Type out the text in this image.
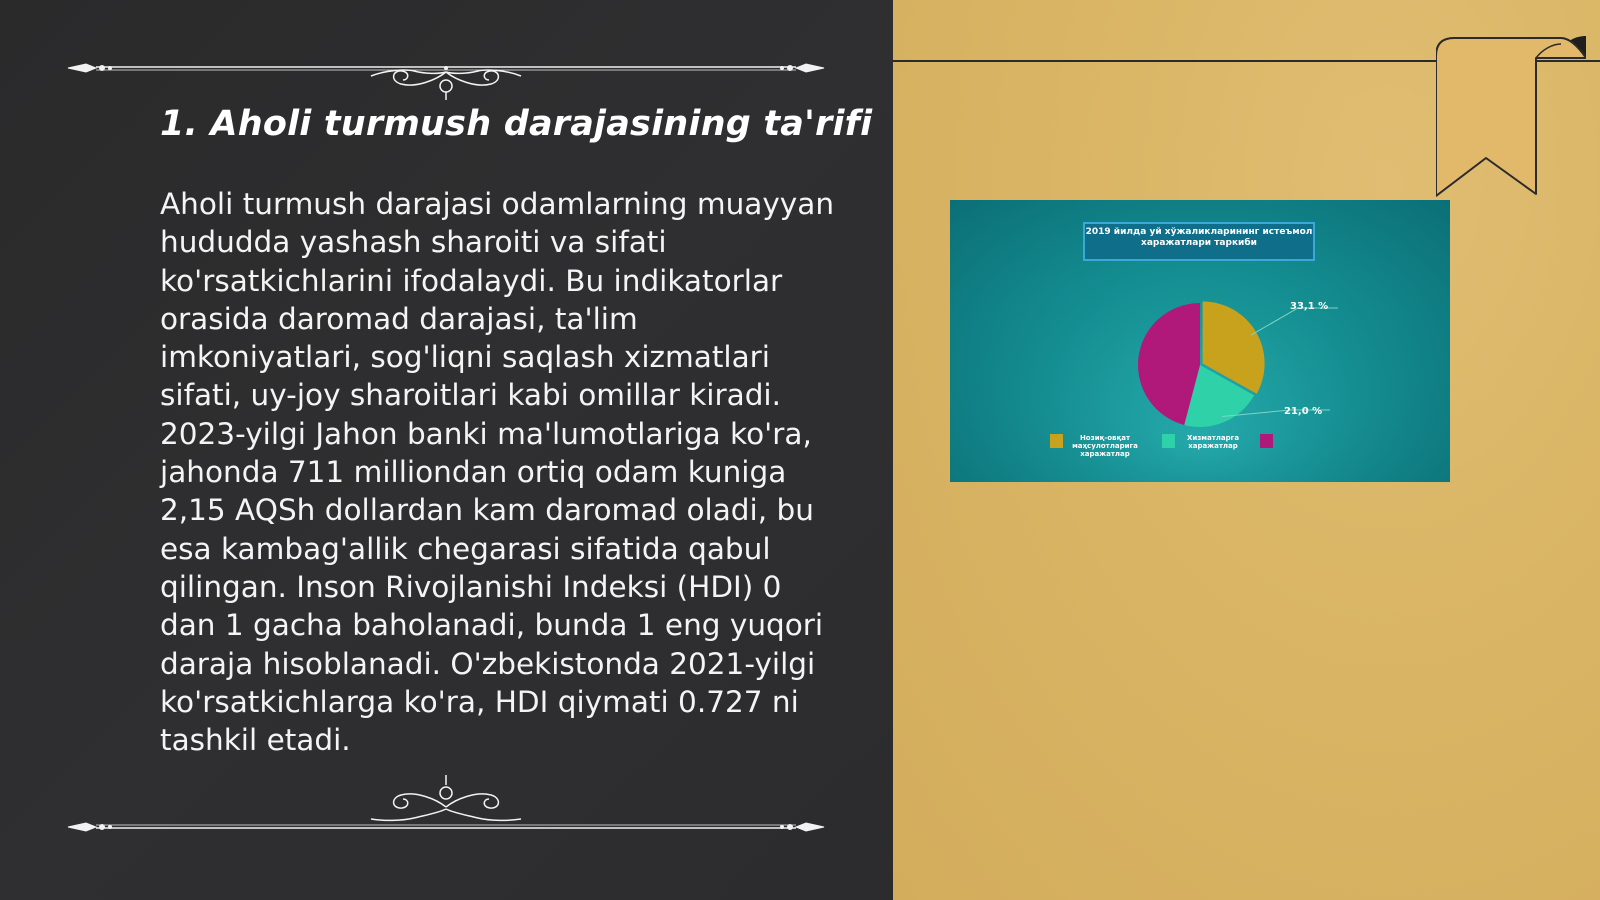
1. Aholi turmush darajasining ta'rifi

Aholi turmush darajasi odamlarning muayyan hududda yashash sharoiti va sifati ko'rsatkichlarini ifodalaydi. Bu indikatorlar orasida daromad darajasi, ta'lim imkoniyatlari, sog'liqni saqlash xizmatlari sifati, uy-joy sharoitlari kabi omillar kiradi. 2023-yilgi Jahon banki ma'lumotlariga ko'ra, jahonda 711 milliondan ortiq odam kuniga 2,15 AQSh dollardan kam daromad oladi, bu esa kambag'allik chegarasi sifatida qabul qilingan. Inson Rivojlanishi Indeksi (HDI) 0 dan 1 gacha baholanadi, bunda 1 eng yuqori daraja hisoblanadi. O'zbekistonda 2021-yilgi ko'rsatkichlarga ko'ra, HDI qiymati 0.727 ni tashkil etadi.

2019 йилда уй хўжаликларининг истеъмол харажатлари таркиби
33,1 %
21,0 %
Нозиқ-овқат маҳсулотларига харажатлар
Хизматларга харажатлар
